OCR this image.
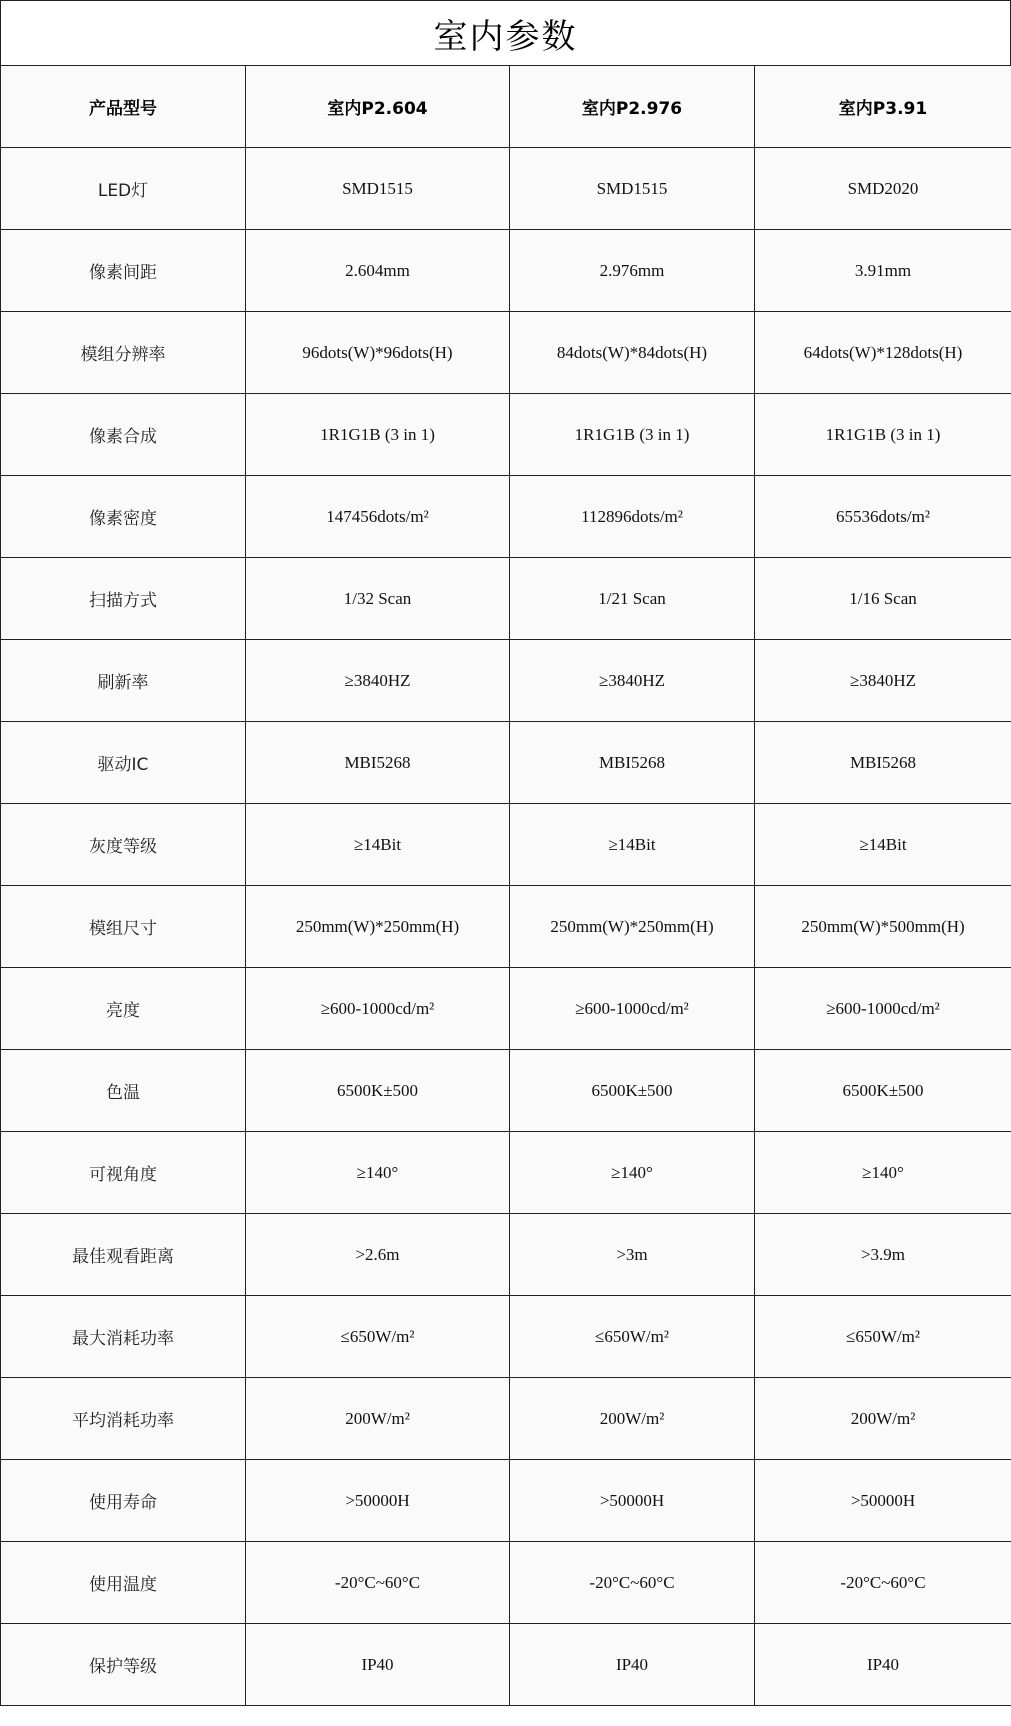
室内参数
产品型号	室内P2.604	室内P2.976	室内P3.91
LED灯	SMD1515	SMD1515	SMD2020
像素间距	2.604mm	2.976mm	3.91mm
模组分辨率	96dots(W)*96dots(H)	84dots(W)*84dots(H)	64dots(W)*128dots(H)
像素合成	1R1G1B (3 in 1)	1R1G1B (3 in 1)	1R1G1B (3 in 1)
像素密度	147456dots/m²	112896dots/m²	65536dots/m²
扫描方式	1/32 Scan	1/21 Scan	1/16 Scan
刷新率	≥3840HZ	≥3840HZ	≥3840HZ
驱动IC	MBI5268	MBI5268	MBI5268
灰度等级	≥14Bit	≥14Bit	≥14Bit
模组尺寸	250mm(W)*250mm(H)	250mm(W)*250mm(H)	250mm(W)*500mm(H)
亮度	≥600-1000cd/m²	≥600-1000cd/m²	≥600-1000cd/m²
色温	6500K±500	6500K±500	6500K±500
可视角度	≥140°	≥140°	≥140°
最佳观看距离	>2.6m	>3m	>3.9m
最大消耗功率	≤650W/m²	≤650W/m²	≤650W/m²
平均消耗功率	200W/m²	200W/m²	200W/m²
使用寿命	>50000H	>50000H	>50000H
使用温度	-20°C~60°C	-20°C~60°C	-20°C~60°C
保护等级	IP40	IP40	IP40
